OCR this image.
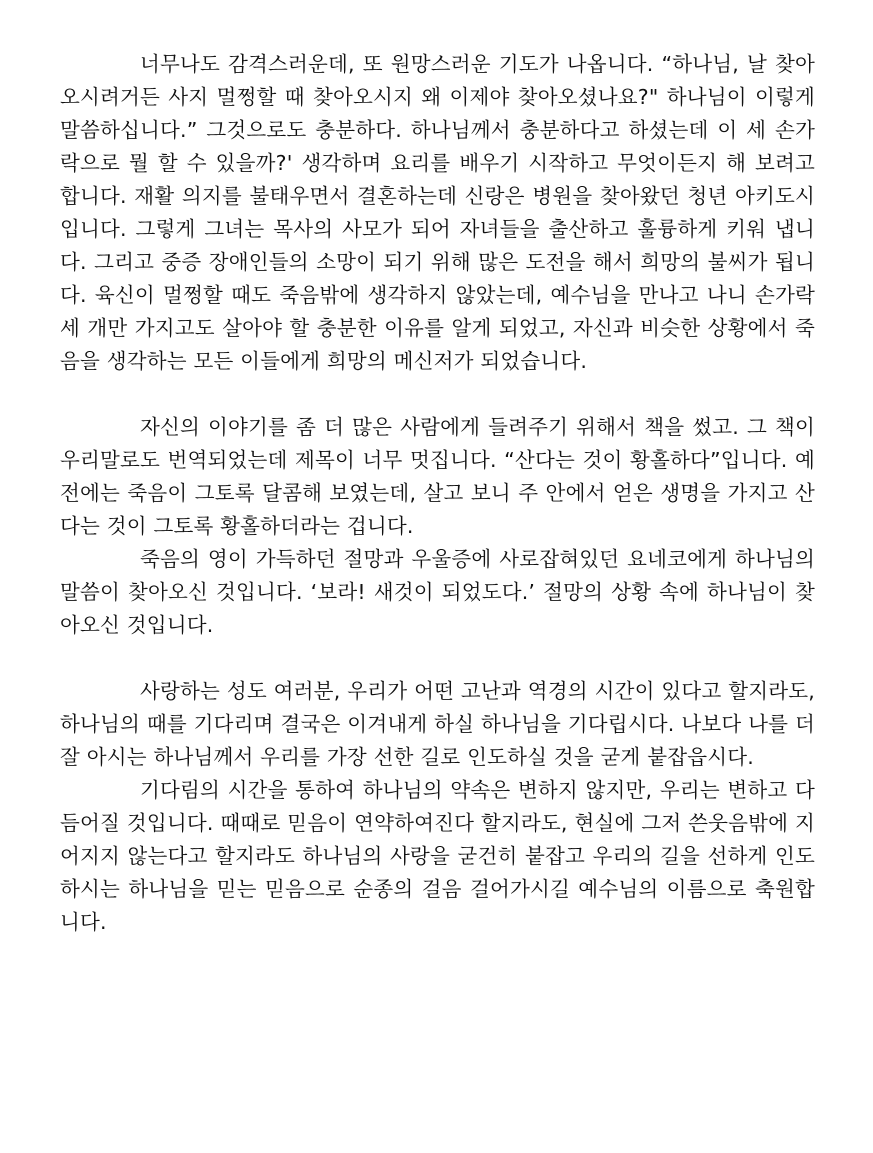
너무나도 감격스러운데, 또 원망스러운 기도가 나옵니다. “하나님, 날 찾아오시려거든 사지 멀쩡할 때 찾아오시지 왜 이제야 찾아오셨나요?" 하나님이 이렇게 말씀하십니다.” 그것으로도 충분하다. 하나님께서 충분하다고 하셨는데 이 세 손가락으로 뭘 할 수 있을까?' 생각하며 요리를 배우기 시작하고 무엇이든지 해 보려고 합니다. 재활 의지를 불태우면서 결혼하는데 신랑은 병원을 찾아왔던 청년 아키도시입니다. 그렇게 그녀는 목사의 사모가 되어 자녀들을 출산하고 훌륭하게 키워 냅니다. 그리고 중증 장애인들의 소망이 되기 위해 많은 도전을 해서 희망의 불씨가 됩니다. 육신이 멀쩡할 때도 죽음밖에 생각하지 않았는데, 예수님을 만나고 나니 손가락 세 개만 가지고도 살아야 할 충분한 이유를 알게 되었고, 자신과 비슷한 상황에서 죽음을 생각하는 모든 이들에게 희망의 메신저가 되었습니다.

자신의 이야기를 좀 더 많은 사람에게 들려주기 위해서 책을 썼고. 그 책이 우리말로도 번역되었는데 제목이 너무 멋집니다. “산다는 것이 황홀하다”입니다. 예전에는 죽음이 그토록 달콤해 보였는데, 살고 보니 주 안에서 얻은 생명을 가지고 산다는 것이 그토록 황홀하더라는 겁니다.

죽음의 영이 가득하던 절망과 우울증에 사로잡혀있던 요네코에게 하나님의 말씀이 찾아오신 것입니다. ‘보라! 새것이 되었도다.’ 절망의 상황 속에 하나님이 찾아오신 것입니다.

사랑하는 성도 여러분, 우리가 어떤 고난과 역경의 시간이 있다고 할지라도, 하나님의 때를 기다리며 결국은 이겨내게 하실 하나님을 기다립시다. 나보다 나를 더 잘 아시는 하나님께서 우리를 가장 선한 길로 인도하실 것을 굳게 붙잡읍시다.

기다림의 시간을 통하여 하나님의 약속은 변하지 않지만, 우리는 변하고 다듬어질 것입니다. 때때로 믿음이 연약하여진다 할지라도, 현실에 그저 쓴웃음밖에 지어지지 않는다고 할지라도 하나님의 사랑을 굳건히 붙잡고 우리의 길을 선하게 인도하시는 하나님을 믿는 믿음으로 순종의 걸음 걸어가시길 예수님의 이름으로 축원합니다.
